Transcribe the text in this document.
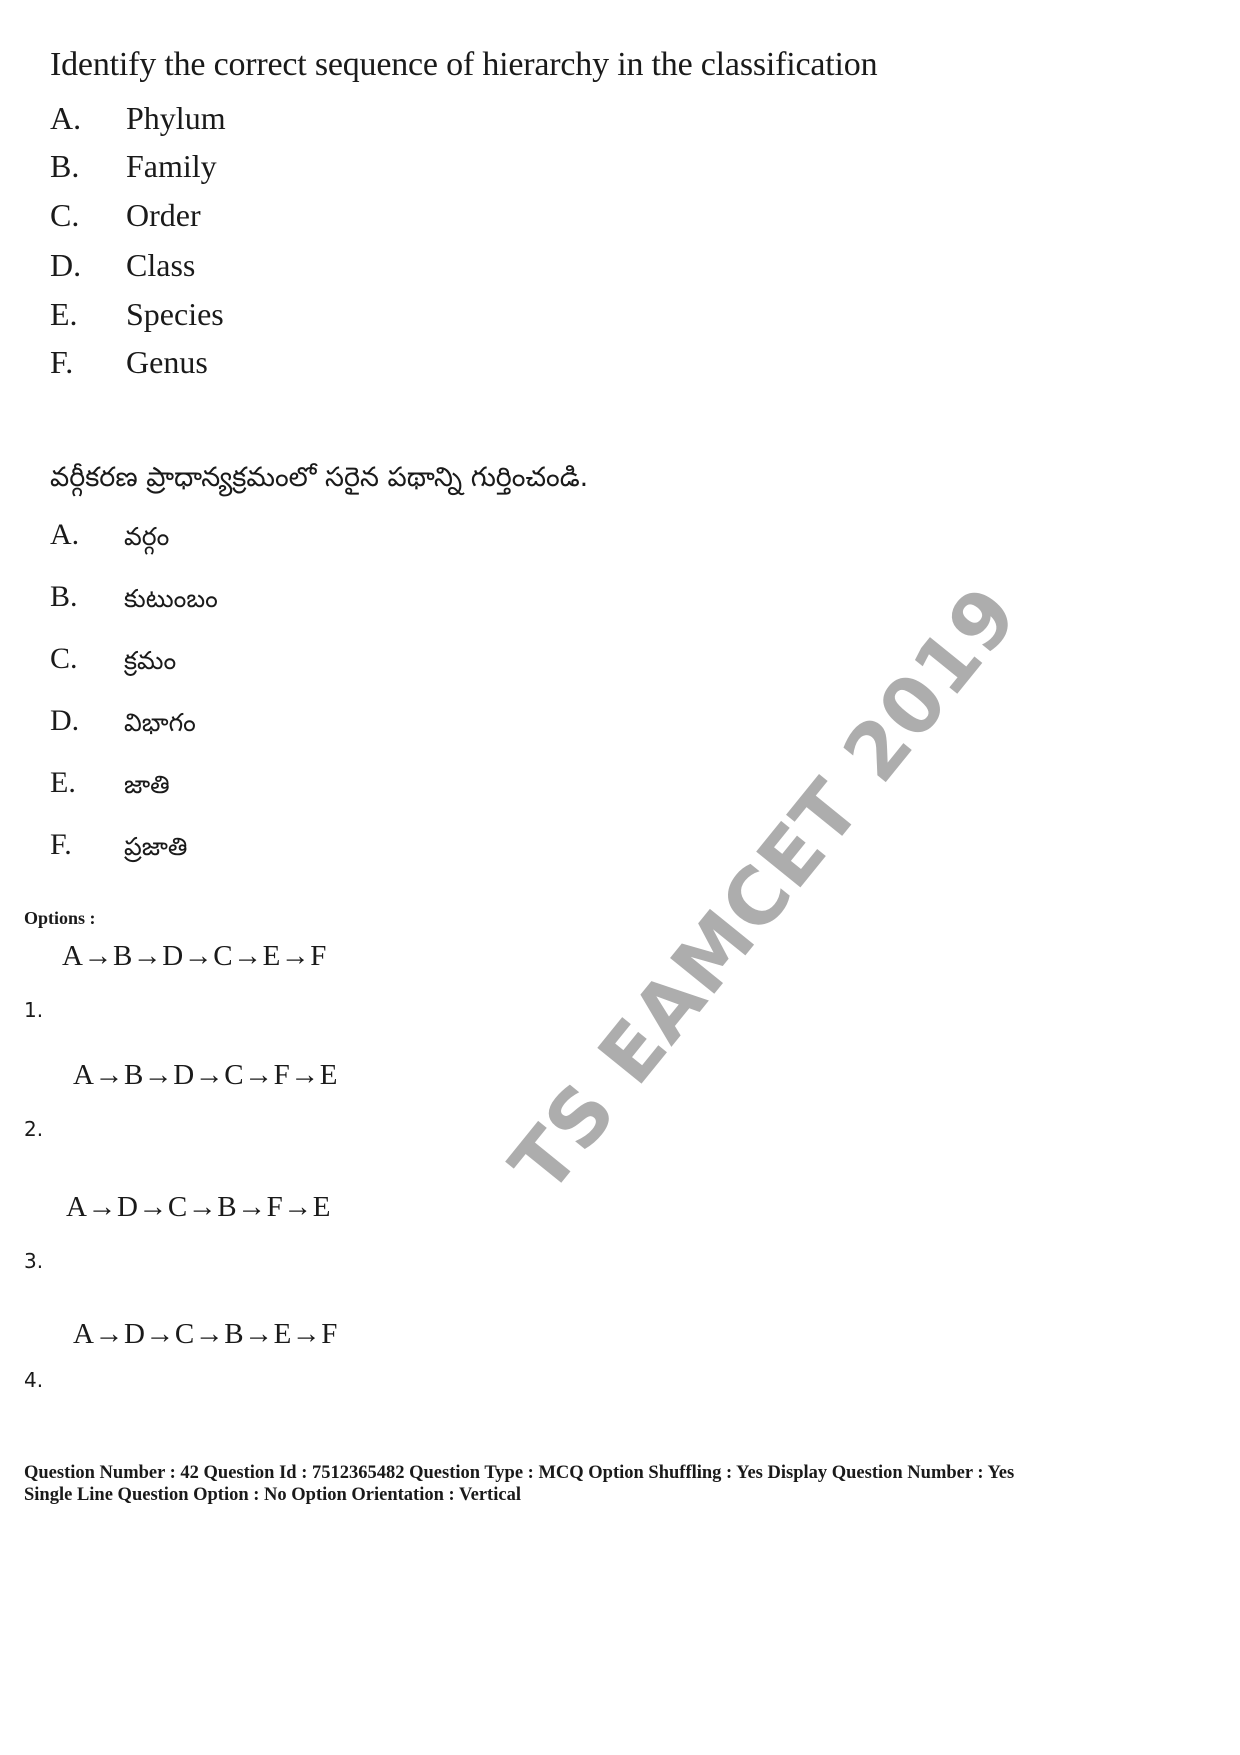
Identify the correct sequence of hierarchy in the classification
A. Phylum
B. Family
C. Order
D. Class
E. Species
F. Genus
వర్గీకరణ ప్రాధాన్యక్రమంలో సరైన పథాన్ని గుర్తించండి.
A. వర్గం
B. కుటుంబం
C. క్రమం
D. విభాగం
E. జాతి
F. ప్రజాతి
Options :
A→B→D→C→E→F
1.
A→B→D→C→F→E
2.
A→D→C→B→F→E
3.
A→D→C→B→E→F
4.
Question Number : 42 Question Id : 7512365482 Question Type : MCQ Option Shuffling : Yes Display Question Number : Yes
Single Line Question Option : No Option Orientation : Vertical
TS EAMCET 2019
